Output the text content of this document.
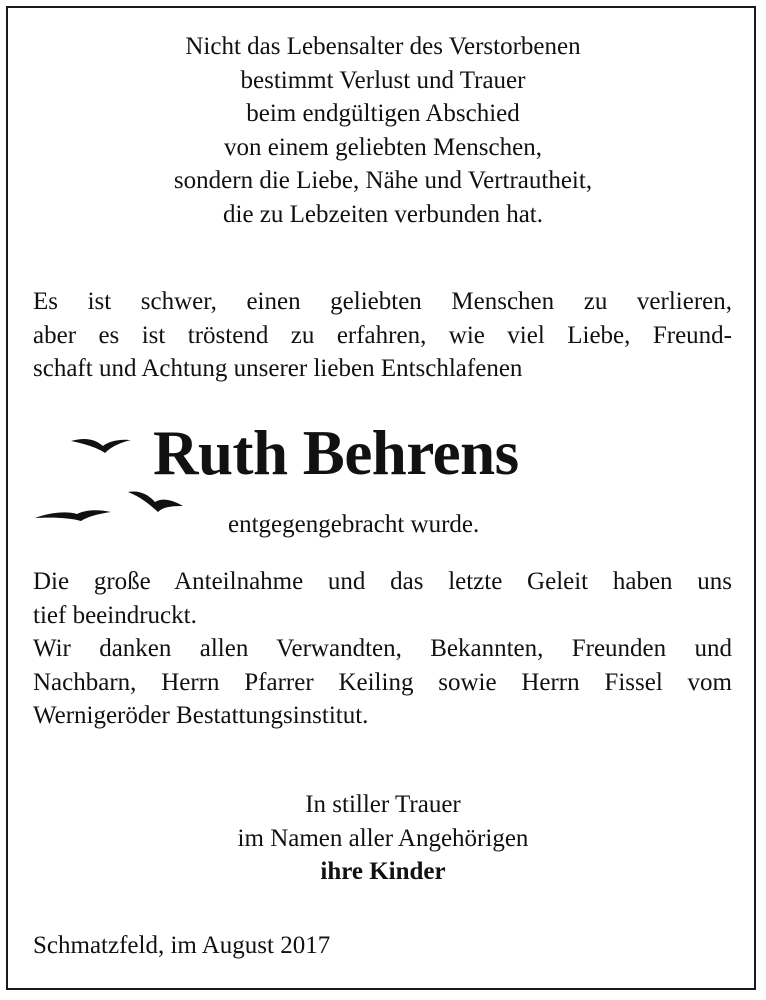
Nicht das Lebensalter des Verstorbenen
bestimmt Verlust und Trauer
beim endgültigen Abschied
von einem geliebten Menschen,
sondern die Liebe, Nähe und Vertrautheit,
die zu Lebzeiten verbunden hat.
Es ist schwer, einen geliebten Menschen zu verlieren,
aber es ist tröstend zu erfahren, wie viel Liebe, Freund-
schaft und Achtung unserer lieben Entschlafenen
Ruth Behrens
entgegengebracht wurde.
Die große Anteilnahme und das letzte Geleit haben uns
tief beeindruckt.
Wir danken allen Verwandten, Bekannten, Freunden und
Nachbarn, Herrn Pfarrer Keiling sowie Herrn Fissel vom
Wernigeröder Bestattungsinstitut.
In stiller Trauer
im Namen aller Angehörigen
ihre Kinder
Schmatzfeld, im August 2017
